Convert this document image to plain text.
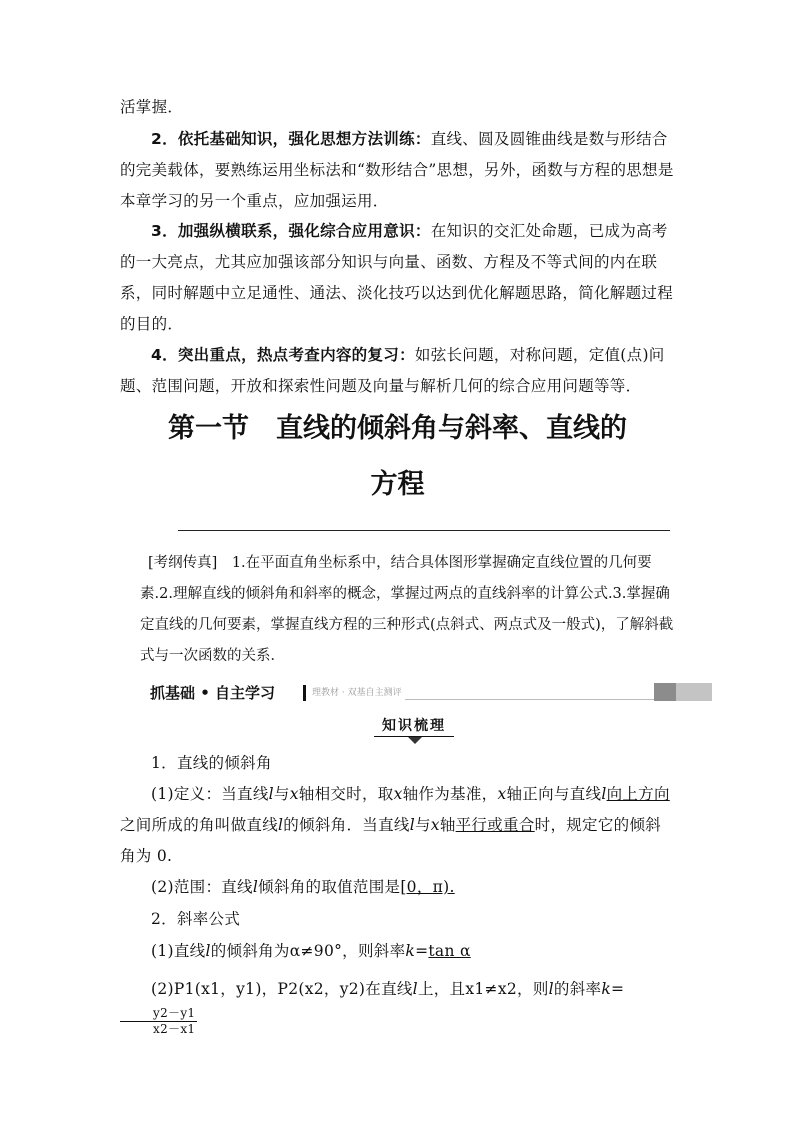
活掌握．
2．依托基础知识，强化思想方法训练：直线、圆及圆锥曲线是数与形结合的完美载体，要熟练运用坐标法和“数形结合”思想，另外，函数与方程的思想是本章学习的另一个重点，应加强运用．
3．加强纵横联系，强化综合应用意识：在知识的交汇处命题，已成为高考的一大亮点，尤其应加强该部分知识与向量、函数、方程及不等式间的内在联系，同时解题中立足通性、通法、淡化技巧以达到优化解题思路，简化解题过程的目的．
4．突出重点，热点考查内容的复习：如弦长问题，对称问题，定值(点)问题、范围问题，开放和探索性问题及向量与解析几何的综合应用问题等等．
第一节　直线的倾斜角与斜率、直线的
方程
[考纲传真]　1.在平面直角坐标系中，结合具体图形掌握确定直线位置的几何要素.2.理解直线的倾斜角和斜率的概念，掌握过两点的直线斜率的计算公式.3.掌握确定直线的几何要素，掌握直线方程的三种形式(点斜式、两点式及一般式)，了解斜截式与一次函数的关系．
抓基础 • 自主学习	理教材 · 双基自主测评
知识梳理
1．直线的倾斜角
(1)定义：当直线l与x轴相交时，取x轴作为基准，x轴正向与直线l向上方向之间所成的角叫做直线l的倾斜角．当直线l与x轴平行或重合时，规定它的倾斜角为 0.
(2)范围：直线l倾斜角的取值范围是[0，π).
2．斜率公式
(1)直线l的倾斜角为α≠90°，则斜率k=tan α
(2)P1(x1，y1)，P2(x2，y2)在直线l上，且x1≠x2，则l的斜率k=
$\frac{y2-y1}{x2-x1}$
